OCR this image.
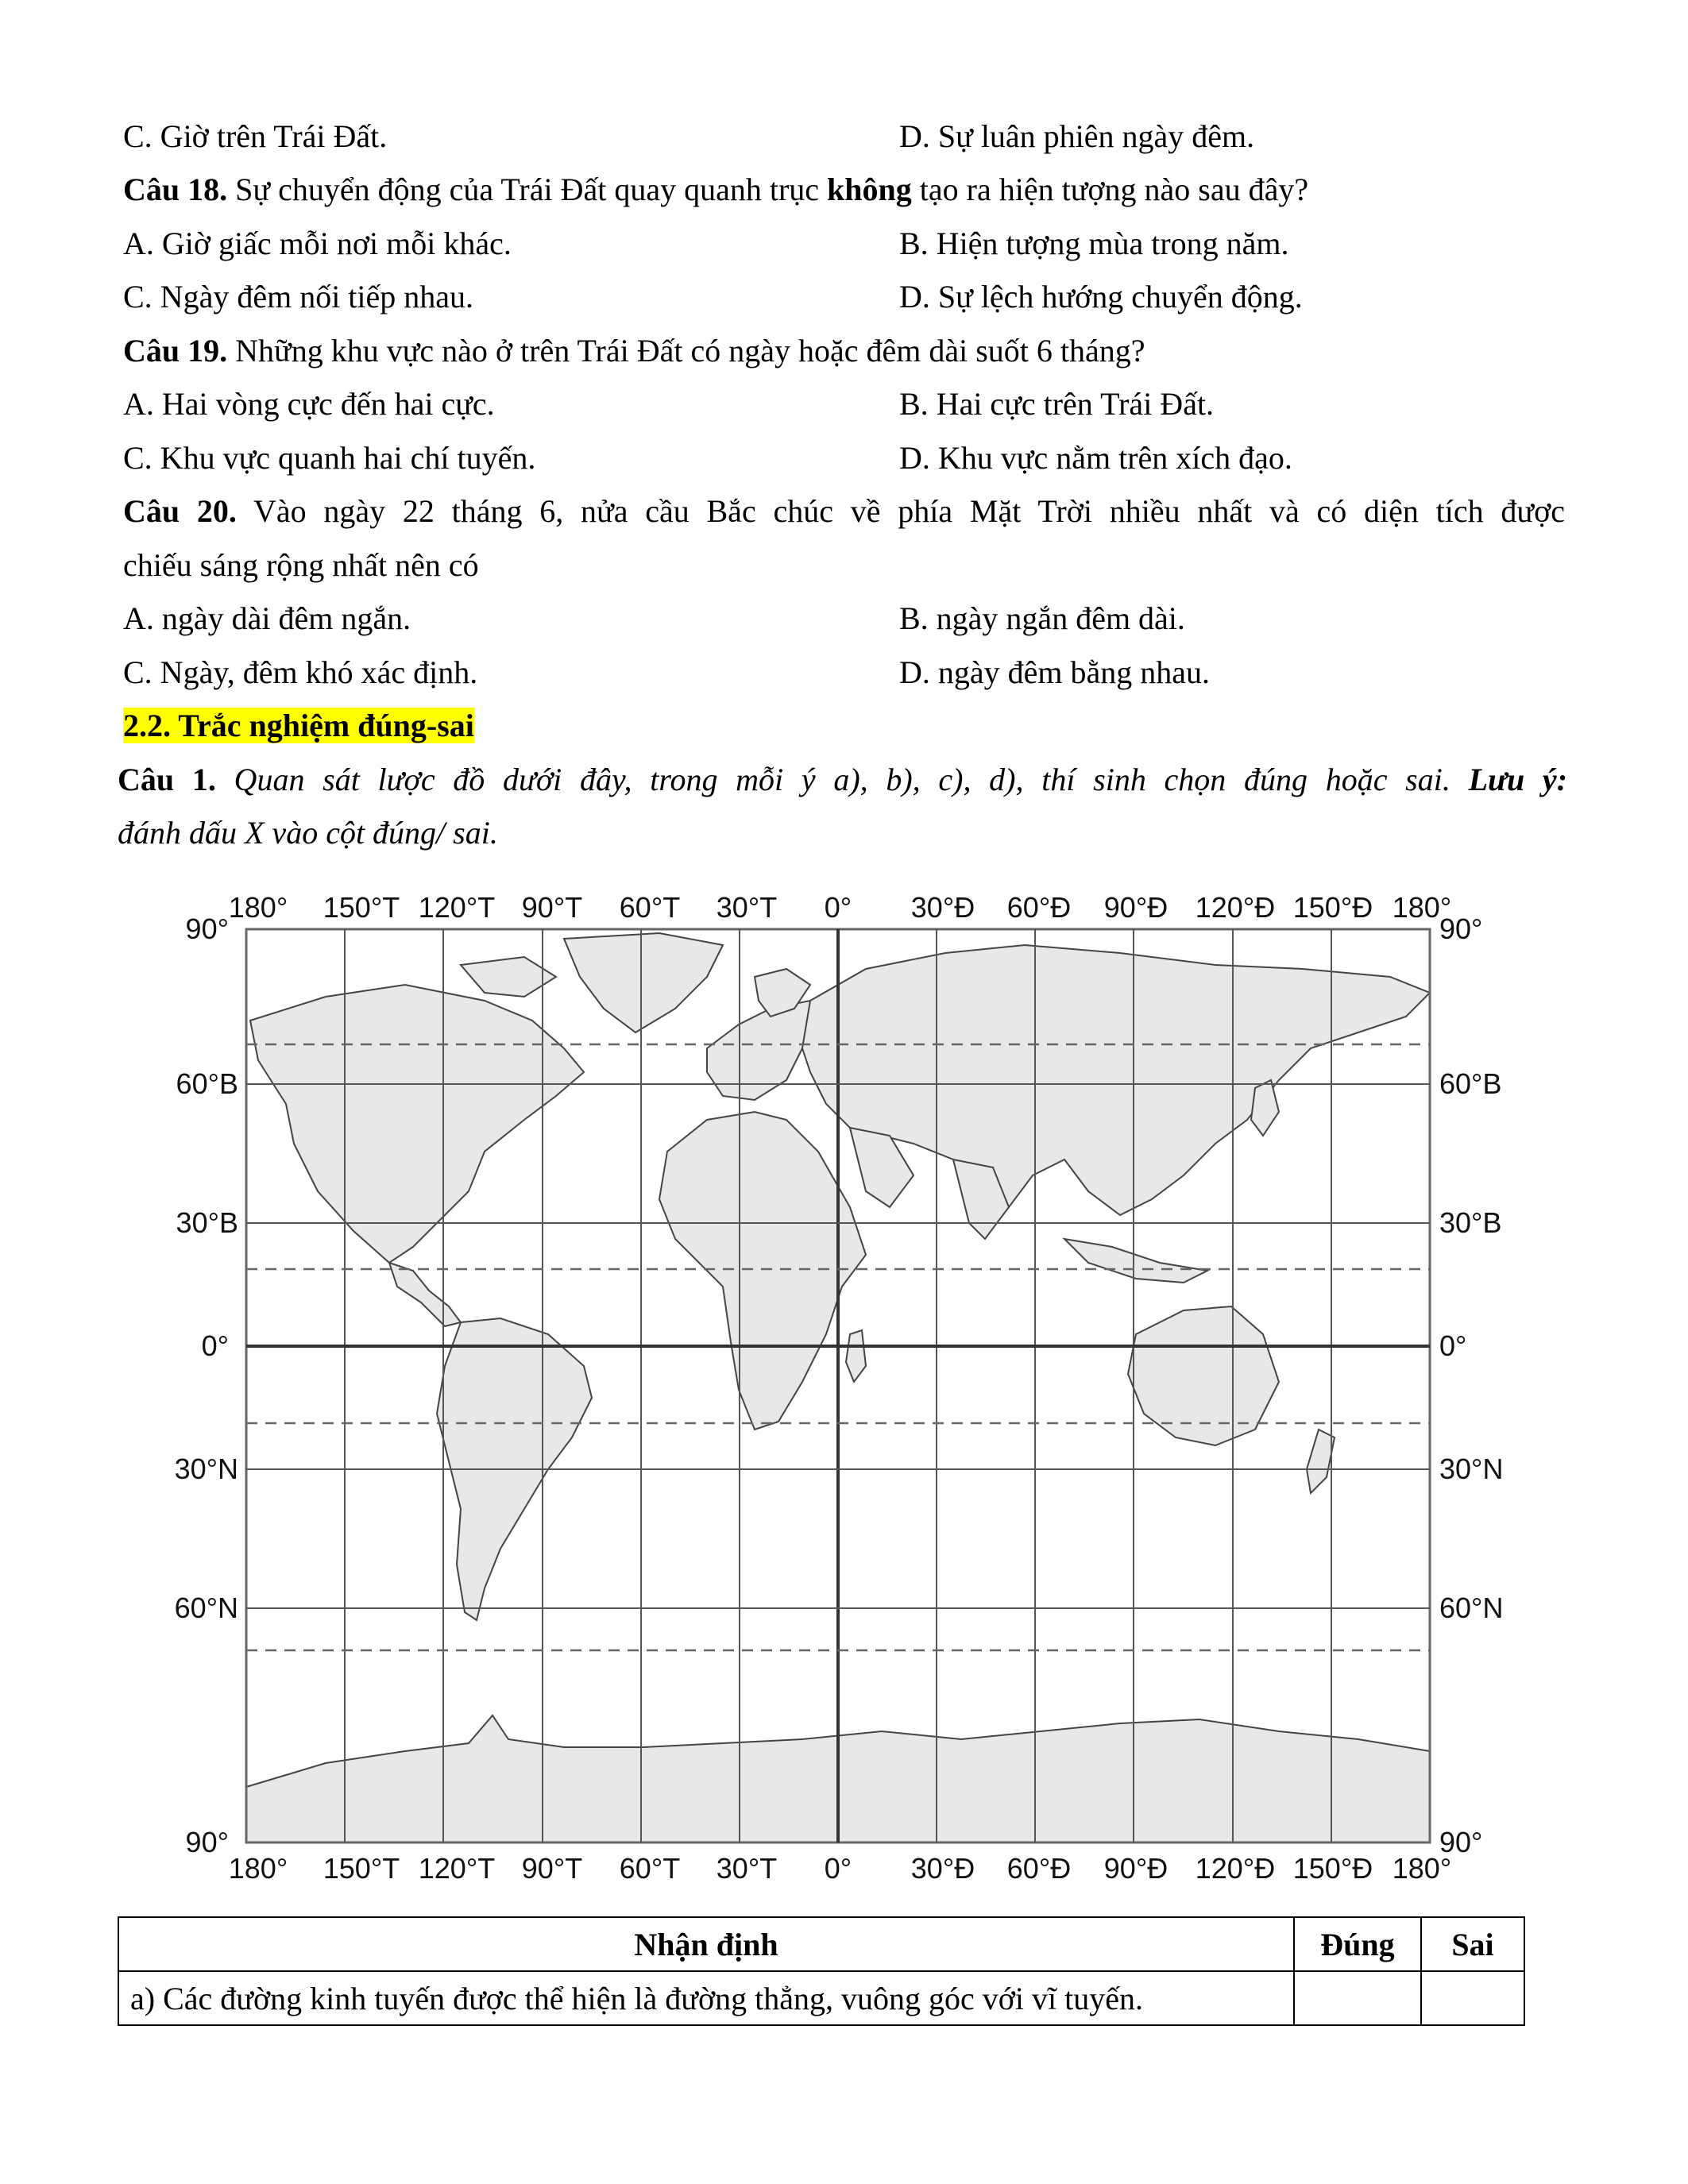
C. Giờ trên Trái Đất.	D. Sự luân phiên ngày đêm.
Câu 18. Sự chuyển động của Trái Đất quay quanh trục không tạo ra hiện tượng nào sau đây?
A. Giờ giấc mỗi nơi mỗi khác.	B. Hiện tượng mùa trong năm.
C. Ngày đêm nối tiếp nhau.	D. Sự lệch hướng chuyển động.
Câu 19. Những khu vực nào ở trên Trái Đất có ngày hoặc đêm dài suốt 6 tháng?
A. Hai vòng cực đến hai cực.	B. Hai cực trên Trái Đất.
C. Khu vực quanh hai chí tuyến.	D. Khu vực nằm trên xích đạo.
Câu 20. Vào ngày 22 tháng 6, nửa cầu Bắc chúc về phía Mặt Trời nhiều nhất và có diện tích được
chiếu sáng rộng nhất nên có
A. ngày dài đêm ngắn.	B. ngày ngắn đêm dài.
C. Ngày, đêm khó xác định.	D. ngày đêm bằng nhau.
2.2. Trắc nghiệm đúng-sai
Câu 1. Quan sát lược đồ dưới đây, trong mỗi ý a), b), c), d), thí sinh chọn đúng hoặc sai. Lưu ý:
đánh dấu X vào cột đúng/ sai.
180° 150°T 120°T 90°T 60°T 30°T 0° 30°Đ 60°Đ 90°Đ 120°Đ 150°Đ 180°
180° 150°T 120°T 90°T 60°T 30°T 0° 30°Đ 60°Đ 90°Đ 120°Đ 150°Đ 180°
90°
60°B
30°B
0°
30°N
60°N
90°
90°
60°B
30°B
0°
30°N
60°N
90°
Nhận định	Đúng	Sai
a) Các đường kinh tuyến được thể hiện là đường thẳng, vuông góc với vĩ tuyến.		
